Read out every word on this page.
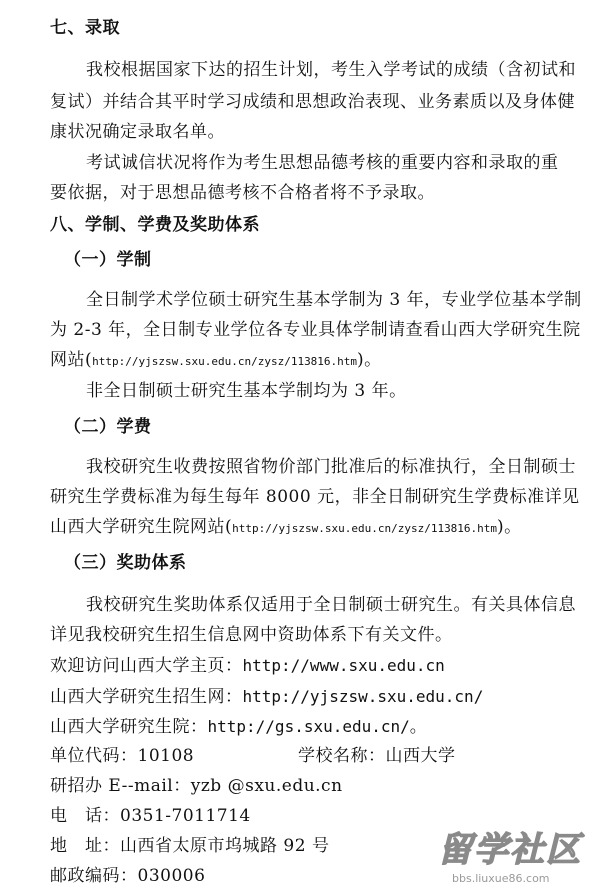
七、录取
我校根据国家下达的招生计划，考生入学考试的成绩（含初试和
复试）并结合其平时学习成绩和思想政治表现、业务素质以及身体健
康状况确定录取名单。
考试诚信状况将作为考生思想品德考核的重要内容和录取的重
要依据，对于思想品德考核不合格者将不予录取。
八、学制、学费及奖助体系
（一）学制
全日制学术学位硕士研究生基本学制为 3 年，专业学位基本学制
为 2-3 年，全日制专业学位各专业具体学制请查看山西大学研究生院
网站(http://yjszsw.sxu.edu.cn/zysz/113816.htm)。
非全日制硕士研究生基本学制均为 3 年。
（二）学费
我校研究生收费按照省物价部门批准后的标准执行，全日制硕士
研究生学费标准为每生每年 8000 元，非全日制研究生学费标准详见
山西大学研究生院网站(http://yjszsw.sxu.edu.cn/zysz/113816.htm)。
（三）奖助体系
我校研究生奖助体系仅适用于全日制硕士研究生。有关具体信息
详见我校研究生招生信息网中资助体系下有关文件。
欢迎访问山西大学主页：http://www.sxu.edu.cn
山西大学研究生招生网：http://yjszsw.sxu.edu.cn/
山西大学研究生院：http://gs.sxu.edu.cn/。
单位代码：10108	学校名称：山西大学
研招办 E--mail：yzb @sxu.edu.cn
电　话：0351-7011714
地　址：山西省太原市坞城路 92 号
邮政编码：030006
留学社区
bbs.liuxue86.com
